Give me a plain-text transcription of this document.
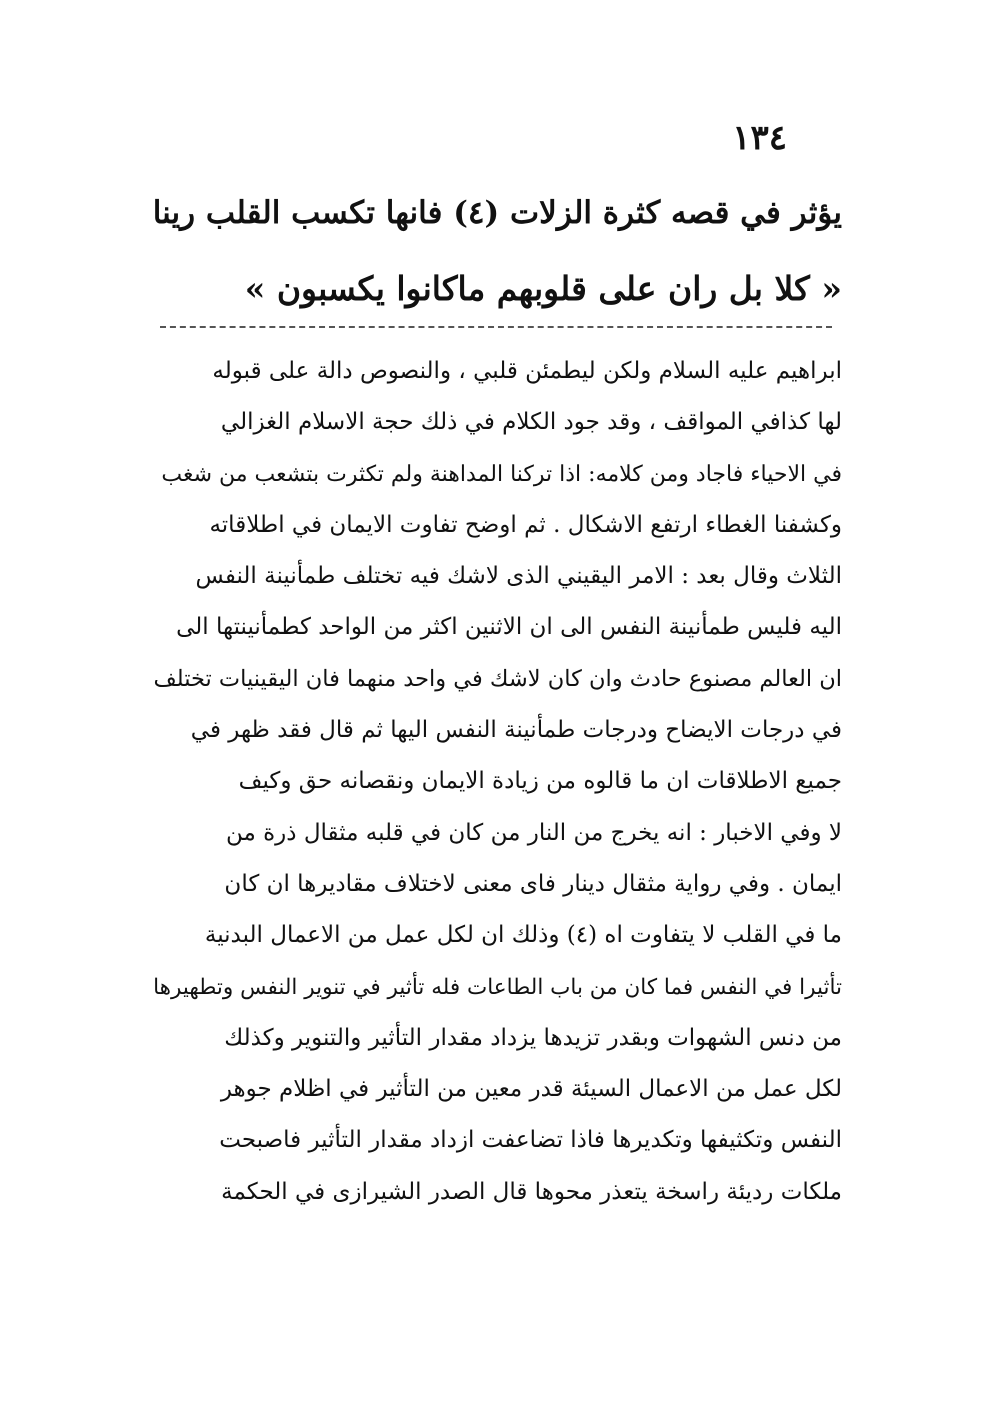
١٣٤
يؤثر في قصه كثرة الزلات (٤) فانها تكسب القلب رينا
« كلا بل ران على قلوبهم ماكانوا يكسبون »
ابراهيم عليه السلام ولكن ليطمئن قلبي ، والنصوص دالة على قبوله
لها كذافي المواقف ، وقد جود الكلام في ذلك حجة الاسلام الغزالي
في الاحياء فاجاد ومن كلامه: اذا تركنا المداهنة ولم تكثرت بتشعب من شغب
وكشفنا الغطاء ارتفع الاشكال . ثم اوضح تفاوت الايمان في اطلاقاته
الثلاث وقال بعد : الامر اليقيني الذى لاشك فيه تختلف طمأنينة النفس
اليه فليس طمأنينة النفس الى ان الاثنين اكثر من الواحد كطمأنينتها الى
ان العالم مصنوع حادث وان كان لاشك في واحد منهما فان اليقينيات تختلف
في درجات الايضاح ودرجات طمأنينة النفس اليها ثم قال فقد ظهر في
جميع الاطلاقات ان ما قالوه من زيادة الايمان ونقصانه حق وكيف
لا وفي الاخبار : انه يخرج من النار من كان في قلبه مثقال ذرة من
ايمان . وفي رواية مثقال دينار فاى معنى لاختلاف مقاديرها ان كان
ما في القلب لا يتفاوت اه (٤) وذلك ان لكل عمل من الاعمال البدنية
تأثيرا في النفس فما كان من باب الطاعات فله تأثير في تنوير النفس وتطهيرها
من دنس الشهوات وبقدر تزيدها يزداد مقدار التأثير والتنوير وكذلك
لكل عمل من الاعمال السيئة قدر معين من التأثير في اظلام جوهر
النفس وتكثيفها وتكديرها فاذا تضاعفت ازداد مقدار التأثير فاصبحت
ملكات رديئة راسخة يتعذر محوها قال الصدر الشيرازى في الحكمة
